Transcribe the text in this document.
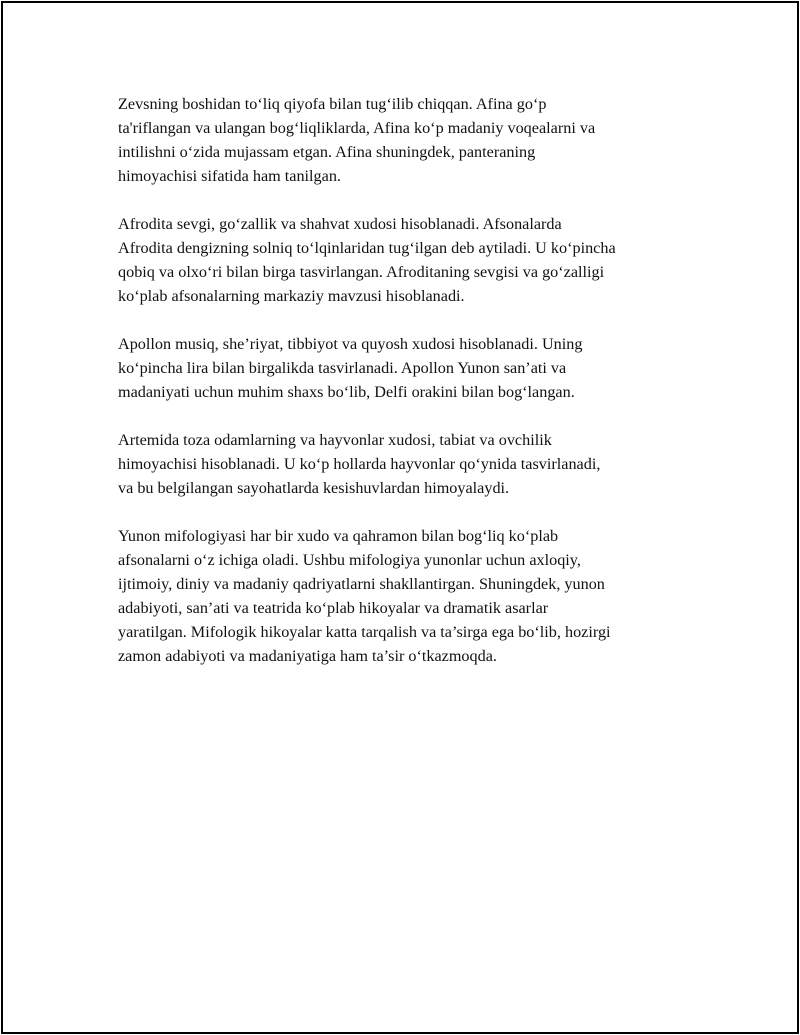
Zevsning boshidan to‘liq qiyofa bilan tug‘ilib chiqqan. Afina go‘p
ta'riflangan va ulangan bog‘liqliklarda, Afina ko‘p madaniy voqealarni va
intilishni o‘zida mujassam etgan. Afina shuningdek, panteraning
himoyachisi sifatida ham tanilgan.

Afrodita sevgi, go‘zallik va shahvat xudosi hisoblanadi. Afsonalarda
Afrodita dengizning solniq to‘lqinlaridan tug‘ilgan deb aytiladi. U ko‘pincha
qobiq va olxo‘ri bilan birga tasvirlangan. Afroditaning sevgisi va go‘zalligi
ko‘plab afsonalarning markaziy mavzusi hisoblanadi.

Apollon musiq, she’riyat, tibbiyot va quyosh xudosi hisoblanadi. Uning
ko‘pincha lira bilan birgalikda tasvirlanadi. Apollon Yunon san’ati va
madaniyati uchun muhim shaxs bo‘lib, Delfi orakini bilan bog‘langan.

Artemida toza odamlarning va hayvonlar xudosi, tabiat va ovchilik
himoyachisi hisoblanadi. U ko‘p hollarda hayvonlar qo‘ynida tasvirlanadi,
va bu belgilangan sayohatlarda kesishuvlardan himoyalaydi.

Yunon mifologiyasi har bir xudo va qahramon bilan bog‘liq ko‘plab
afsonalarni o‘z ichiga oladi. Ushbu mifologiya yunonlar uchun axloqiy,
ijtimoiy, diniy va madaniy qadriyatlarni shakllantirgan. Shuningdek, yunon
adabiyoti, san’ati va teatrida ko‘plab hikoyalar va dramatik asarlar
yaratilgan. Mifologik hikoyalar katta tarqalish va ta’sirga ega bo‘lib, hozirgi
zamon adabiyoti va madaniyatiga ham ta’sir o‘tkazmoqda.
